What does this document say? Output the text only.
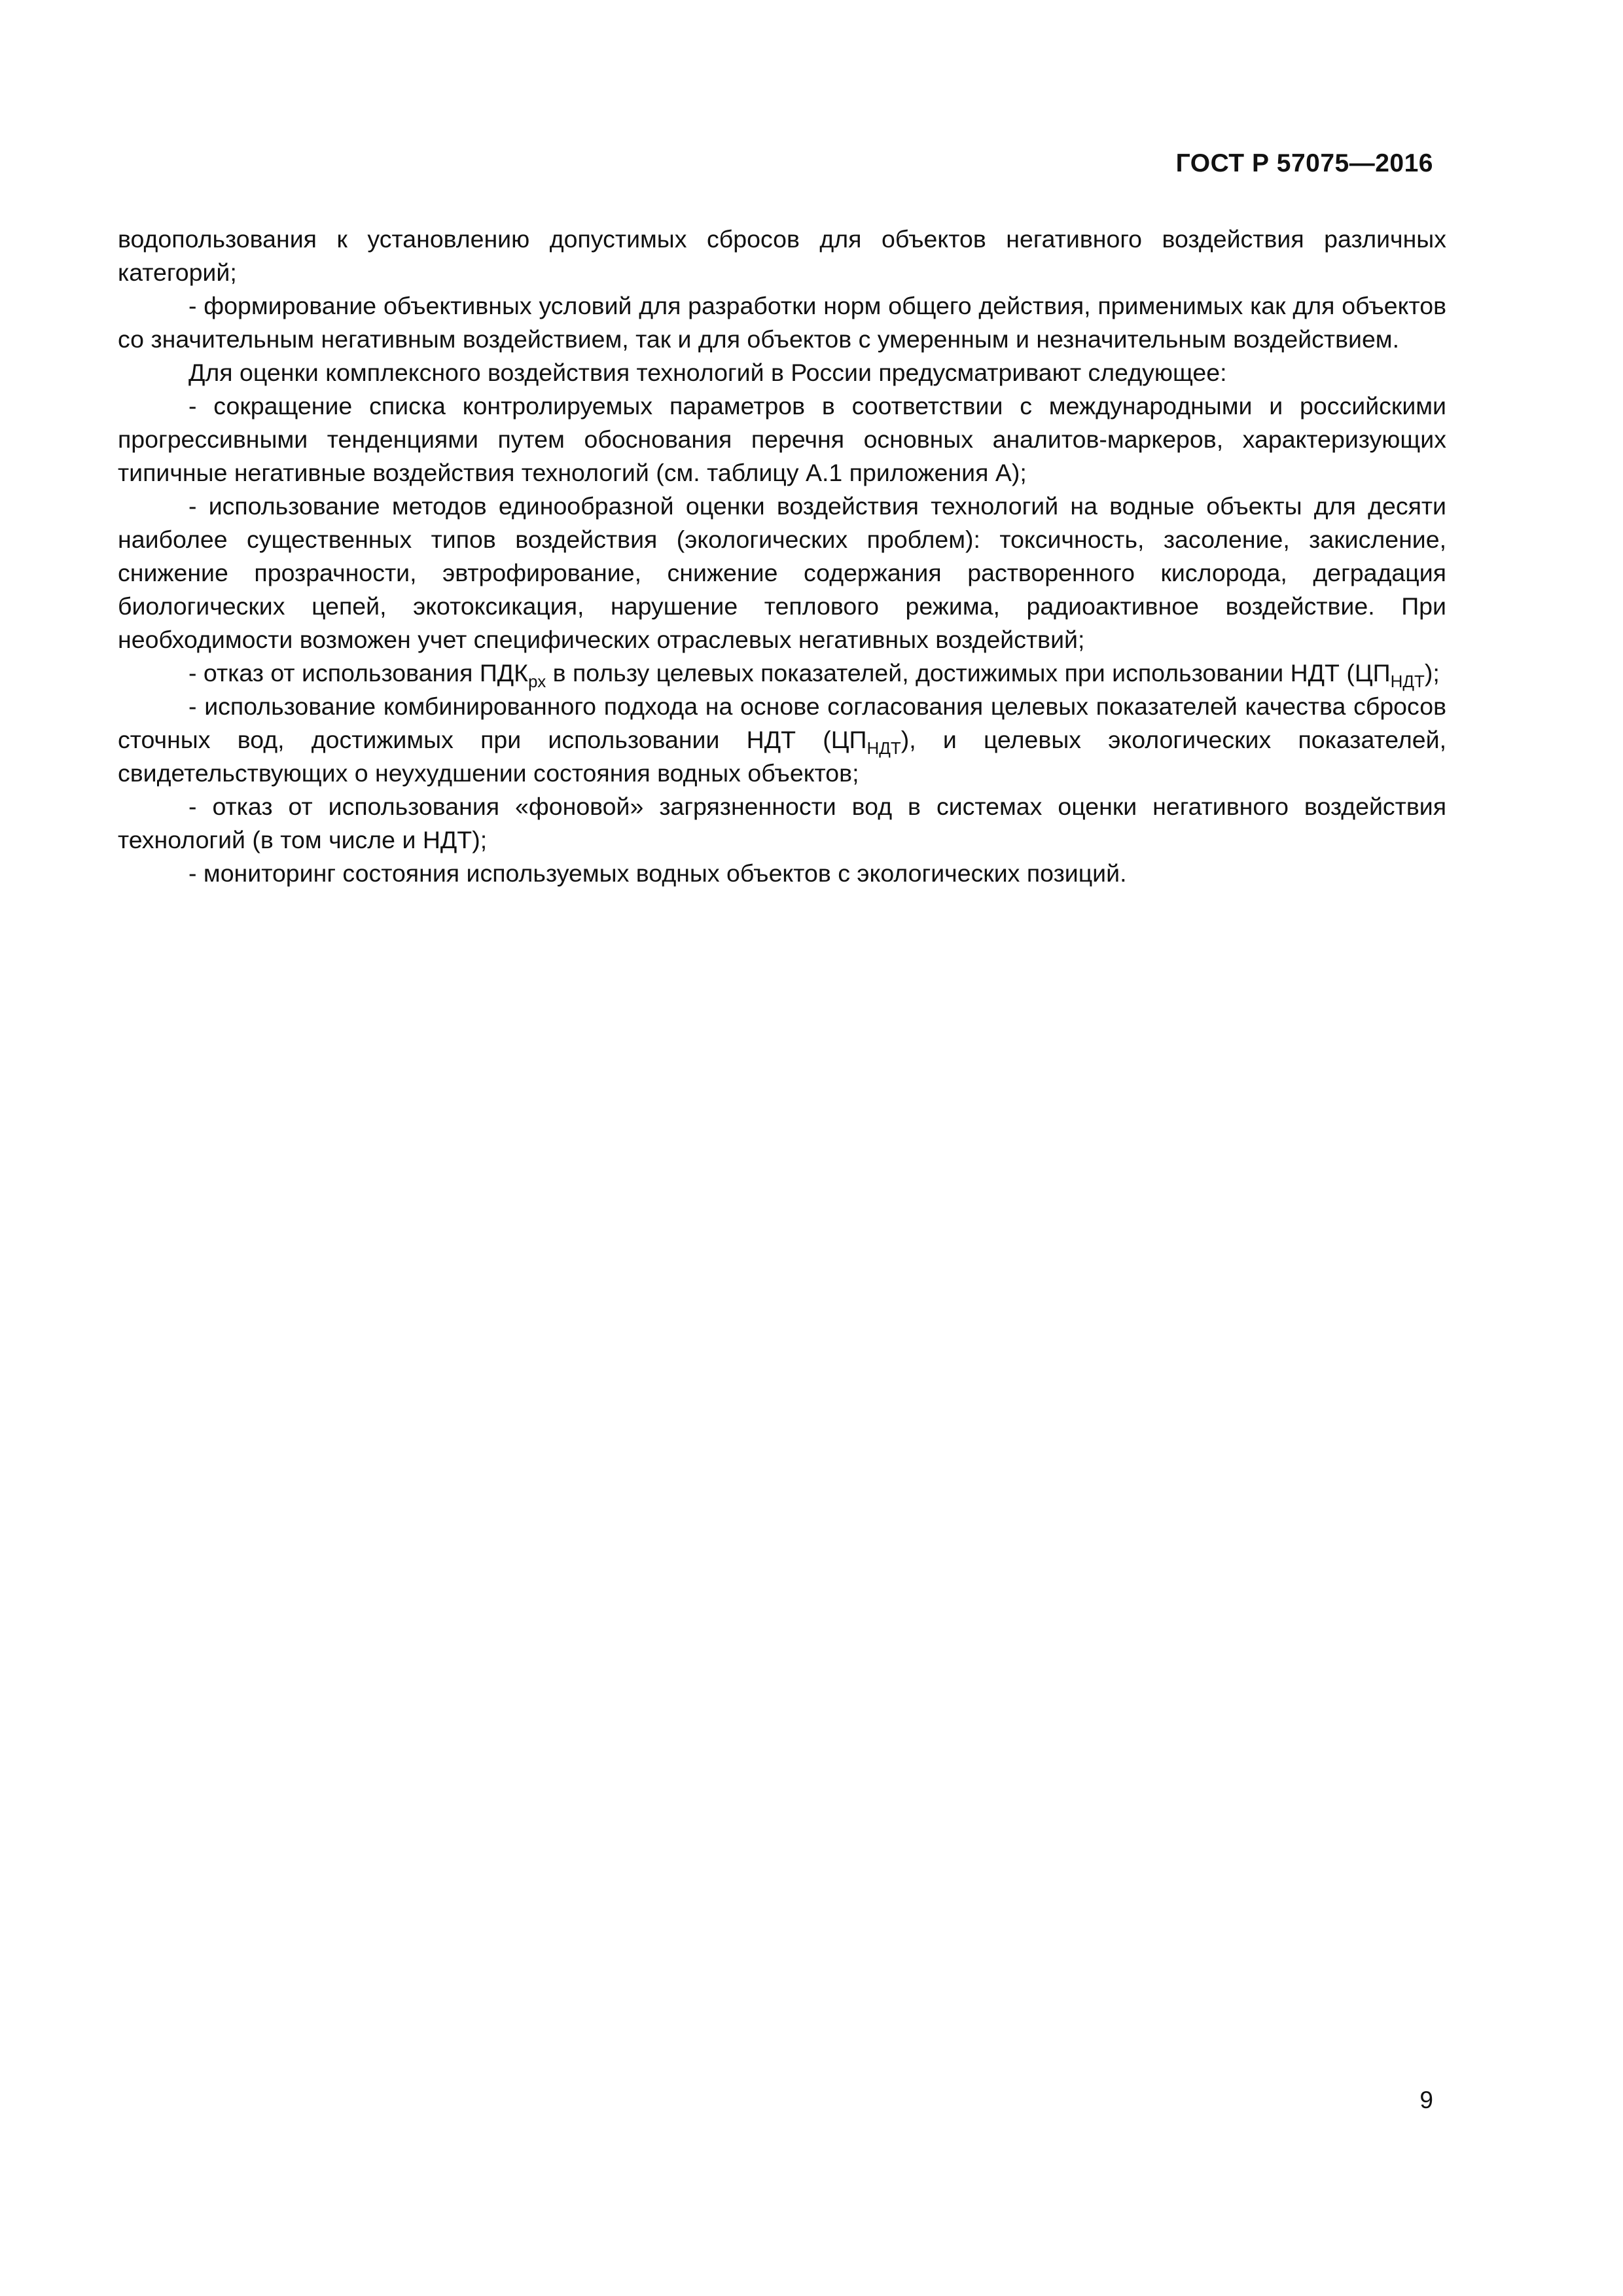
ГОСТ Р 57075—2016

водопользования к установлению допустимых сбросов для объектов негативного воздействия различных категорий;

- формирование объективных условий для разработки норм общего действия, применимых как для объектов со значительным негативным воздействием, так и для объектов с умеренным и незначительным воздействием.

Для оценки комплексного воздействия технологий в России предусматривают следующее:

- сокращение списка контролируемых параметров в соответствии с международными и российскими прогрессивными тенденциями путем обоснования перечня основных аналитов-маркеров, характеризующих типичные негативные воздействия технологий (см. таблицу А.1 приложения А);

- использование методов единообразной оценки воздействия технологий на водные объекты для десяти наиболее существенных типов воздействия (экологических проблем): токсичность, засоление, закисление, снижение прозрачности, эвтрофирование, снижение содержания растворенного кислорода, деградация биологических цепей, экотоксикация, нарушение теплового режима, радиоактивное воздействие. При необходимости возможен учет специфических отраслевых негативных воздействий;

- отказ от использования $ПДК_{рх}$ в пользу целевых показателей, достижимых при использовании НДТ $(ЦП_{НДТ})$;

- использование комбинированного подхода на основе согласования целевых показателей качества сбросов сточных вод, достижимых при использовании НДТ $(ЦП_{НДТ})$, и целевых экологических показателей, свидетельствующих о неухудшении состояния водных объектов;

- отказ от использования «фоновой» загрязненности вод в системах оценки негативного воздействия технологий (в том числе и НДТ);

- мониторинг состояния используемых водных объектов с экологических позиций.

9
